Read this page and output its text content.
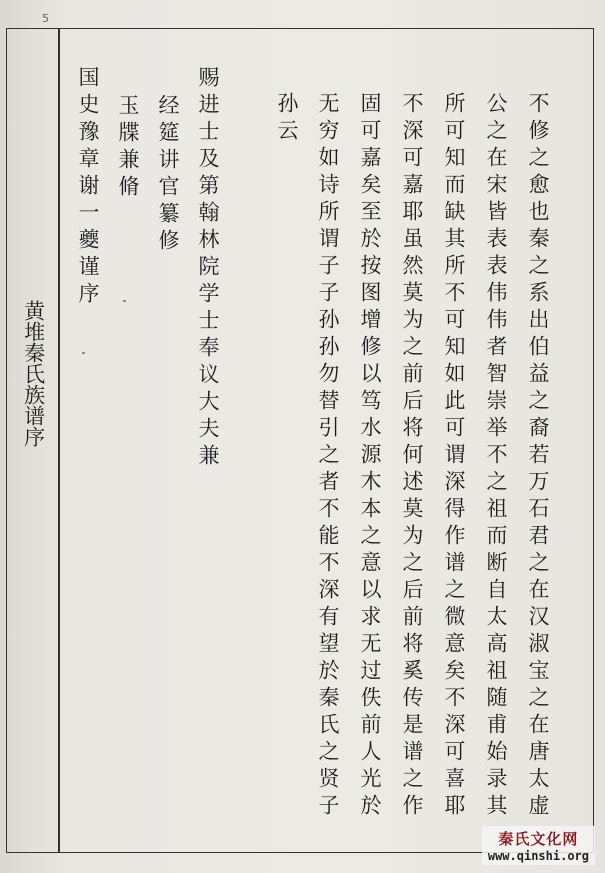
5
黄堆秦氏族谱序	不修之愈也秦之系出伯益之裔若万石君之在汉淑宝之在唐太虚
公之在宋皆表表伟伟者智崇举不之祖而断自太高祖随甫始录其
所可知而缺其所不可知如此可谓深得作谱之微意矣不深可喜耶
不深可嘉耶虽然莫为之前后将何述莫为之后前将奚传是谱之作
固可嘉矣至於按图增修以笃水源木本之意以求无过佚前人光於
无穷如诗所谓子子孙孙勿替引之者不能不深有望於秦氏之贤子
孙云
赐进士及第翰林院学士奉议大夫兼
经筵讲官纂修
玉牒兼脩
国史豫章谢一夔谨序
秦氏文化网
www.qinshi.org
